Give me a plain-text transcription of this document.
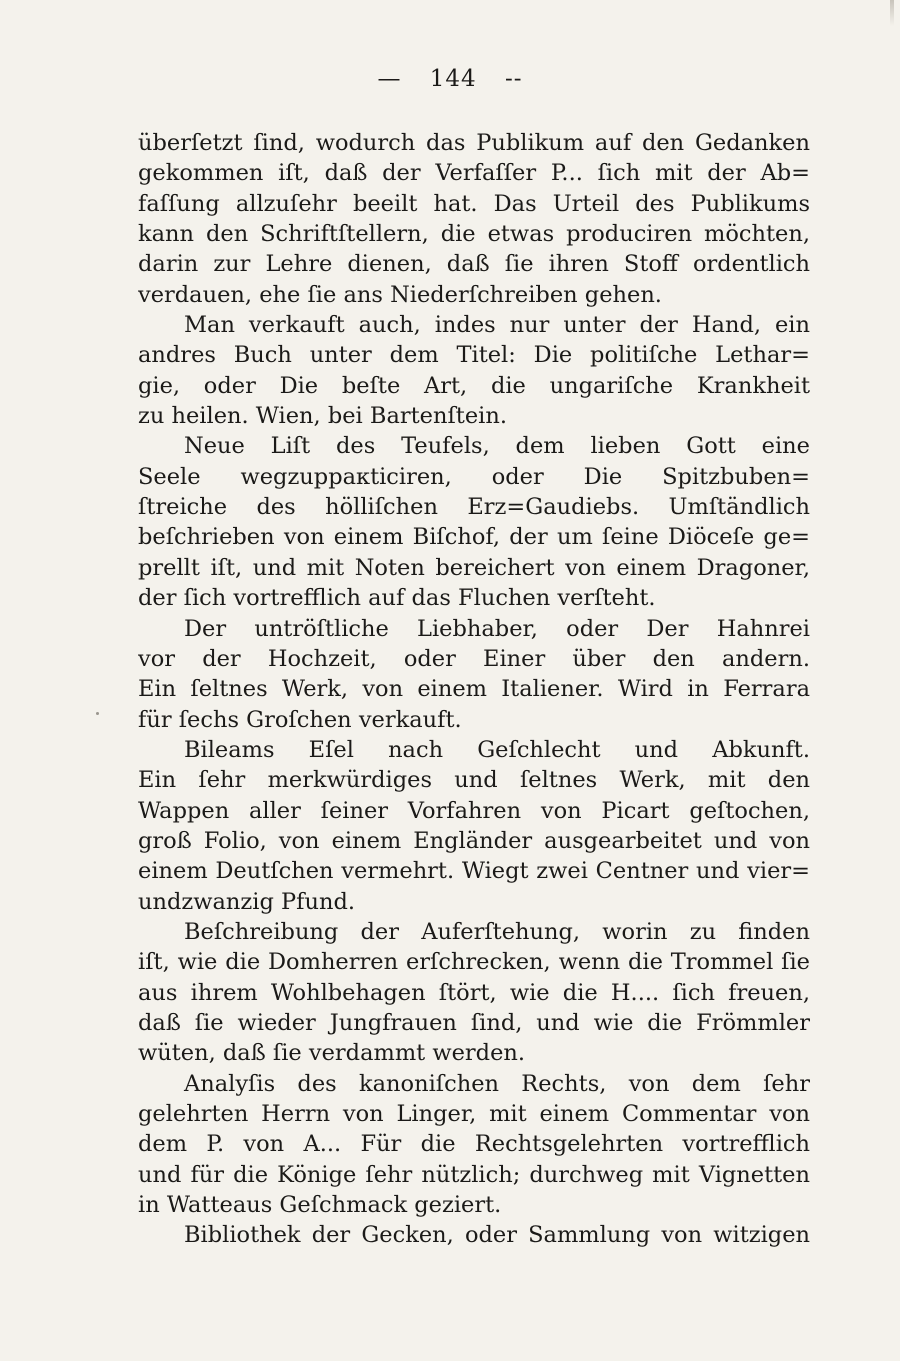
— 144 --
überſetzt ſind, wodurch das Publikum auf den Gedanken
gekommen iſt, daß der Verfaſſer P... ſich mit der Ab=
faſſung allzuſehr beeilt hat. Das Urteil des Publikums
kann den Schriftſtellern, die etwas produciren möchten,
darin zur Lehre dienen, daß ſie ihren Stoff ordentlich
verdauen, ehe ſie ans Niederſchreiben gehen.
Man verkauft auch, indes nur unter der Hand, ein
andres Buch unter dem Titel: Die politiſche Lethar=
gie, oder Die beſte Art, die ungariſche Krankheit
zu heilen. Wien, bei Bartenſtein.
Neue Liſt des Teufels, dem lieben Gott eine
Seele wegzupракticiren, oder Die Spitzbuben=
ſtreiche des hölliſchen Erz=Gaudiebs. Umſtändlich
beſchrieben von einem Biſchof, der um ſeine Diöceſe ge=
prellt iſt, und mit Noten bereichert von einem Dragoner,
der ſich vortrefflich auf das Fluchen verſteht.
Der untröſtliche Liebhaber, oder Der Hahnrei
vor der Hochzeit, oder Einer über den andern.
Ein ſeltnes Werk, von einem Italiener. Wird in Ferrara
für ſechs Groſchen verkauft.
Bileams Eſel nach Geſchlecht und Abkunft.
Ein ſehr merkwürdiges und ſeltnes Werk, mit den
Wappen aller ſeiner Vorfahren von Picart geſtochen,
groß Folio, von einem Engländer ausgearbeitet und von
einem Deutſchen vermehrt. Wiegt zwei Centner und vier=
undzwanzig Pfund.
Beſchreibung der Auferſtehung, worin zu finden
iſt, wie die Domherren erſchrecken, wenn die Trommel ſie
aus ihrem Wohlbehagen ſtört, wie die H.... ſich freuen,
daß ſie wieder Jungfrauen ſind, und wie die Frömmler
wüten, daß ſie verdammt werden.
Analyſis des kanoniſchen Rechts, von dem ſehr
gelehrten Herrn von Linger, mit einem Commentar von
dem P. von A... Für die Rechtsgelehrten vortrefflich
und für die Könige ſehr nützlich; durchweg mit Vignetten
in Watteaus Geſchmack geziert.
Bibliothek der Gecken, oder Sammlung von witzigen
